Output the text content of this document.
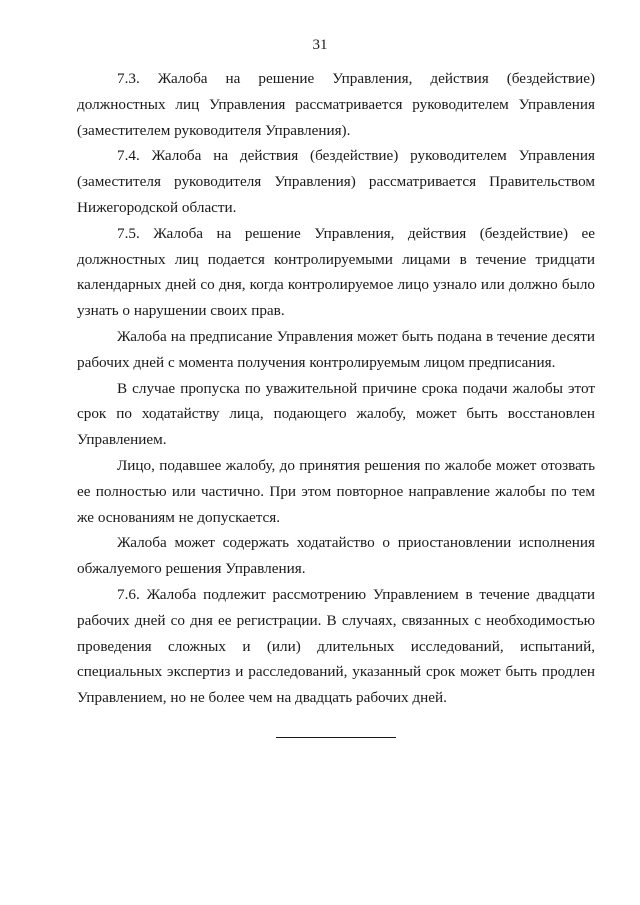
31

7.3. Жалоба на решение Управления, действия (бездействие) должностных лиц Управления рассматривается руководителем Управления (заместителем руководителя Управления).

7.4. Жалоба на действия (бездействие) руководителем Управления (заместителя руководителя Управления) рассматривается Правительством Нижегородской области.

7.5. Жалоба на решение Управления, действия (бездействие) ее должностных лиц подается контролируемыми лицами в течение тридцати календарных дней со дня, когда контролируемое лицо узнало или должно было узнать о нарушении своих прав.

Жалоба на предписание Управления может быть подана в течение десяти рабочих дней с момента получения контролируемым лицом предписания.

В случае пропуска по уважительной причине срока подачи жалобы этот срок по ходатайству лица, подающего жалобу, может быть восстановлен Управлением.

Лицо, подавшее жалобу, до принятия решения по жалобе может отозвать ее полностью или частично. При этом повторное направление жалобы по тем же основаниям не допускается.

Жалоба может содержать ходатайство о приостановлении исполнения обжалуемого решения Управления.

7.6. Жалоба подлежит рассмотрению Управлением в течение двадцати рабочих дней со дня ее регистрации. В случаях, связанных с необходимостью проведения сложных и (или) длительных исследований, испытаний, специальных экспертиз и расследований, указанный срок может быть продлен Управлением, но не более чем на двадцать рабочих дней.
